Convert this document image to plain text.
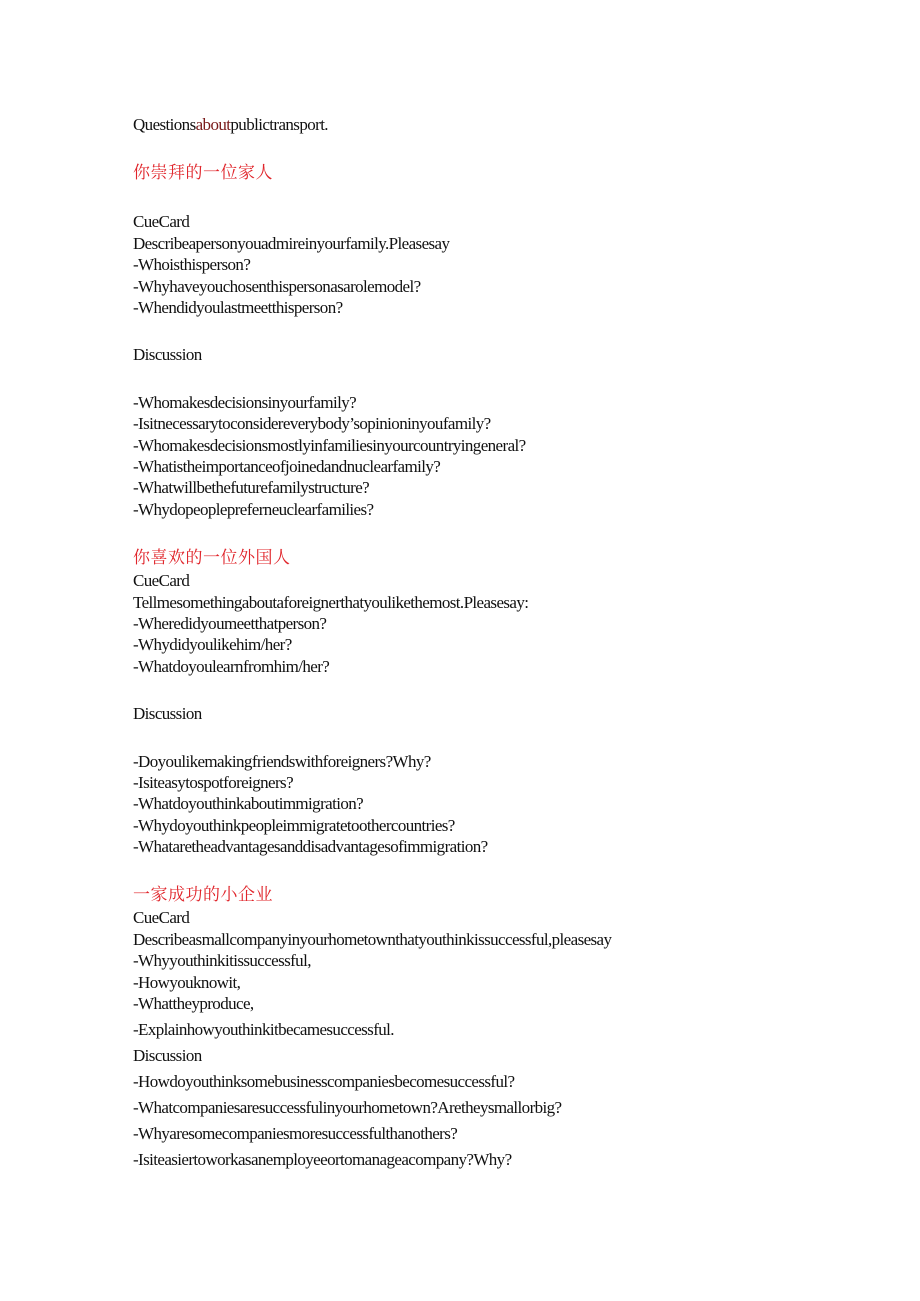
Questionsaboutpublictransport.
你崇拜的一位家人
CueCard
Describeapersonyouadmireinyourfamily.Pleasesay
-Whoisthisperson?
-Whyhaveyouchosenthispersonasarolemodel?
-Whendidyoulastmeetthisperson?
Discussion
-Whomakesdecisionsinyourfamily?
-Isitnecessarytoconsidereverybody’sopinioninyoufamily?
-Whomakesdecisionsmostlyinfamiliesinyourcountryingeneral?
-Whatistheimportanceofjoinedandnuclearfamily?
-Whatwillbethefuturefamilystructure?
-Whydopeoplepreferneuclearfamilies?
你喜欢的一位外国人
CueCard
Tellmesomethingaboutaforeignerthatyoulikethemost.Pleasesay:
-Wheredidyoumeetthatperson?
-Whydidyoulikehim/her?
-Whatdoyoulearnfromhim/her?
Discussion
-Doyoulikemakingfriendswithforeigners?Why?
-Isiteasytospotforeigners?
-Whatdoyouthinkaboutimmigration?
-Whydoyouthinkpeopleimmigratetoothercountries?
-Whataretheadvantagesanddisadvantagesofimmigration?
一家成功的小企业
CueCard
Describeasmallcompanyinyourhometownthatyouthinkissuccessful,pleasesay
-Whyyouthinkitissuccessful,
-Howyouknowit,
-Whattheyproduce,
-Explainhowyouthinkitbecamesuccessful.
Discussion
-Howdoyouthinksomebusinesscompaniesbecomesuccessful?
-Whatcompaniesaresuccessfulinyourhometown?Aretheysmallorbig?
-Whyaresomecompaniesmoresuccessfulthanothers?
-Isiteasiertoworkasanemployeeortomanageacompany?Why?
